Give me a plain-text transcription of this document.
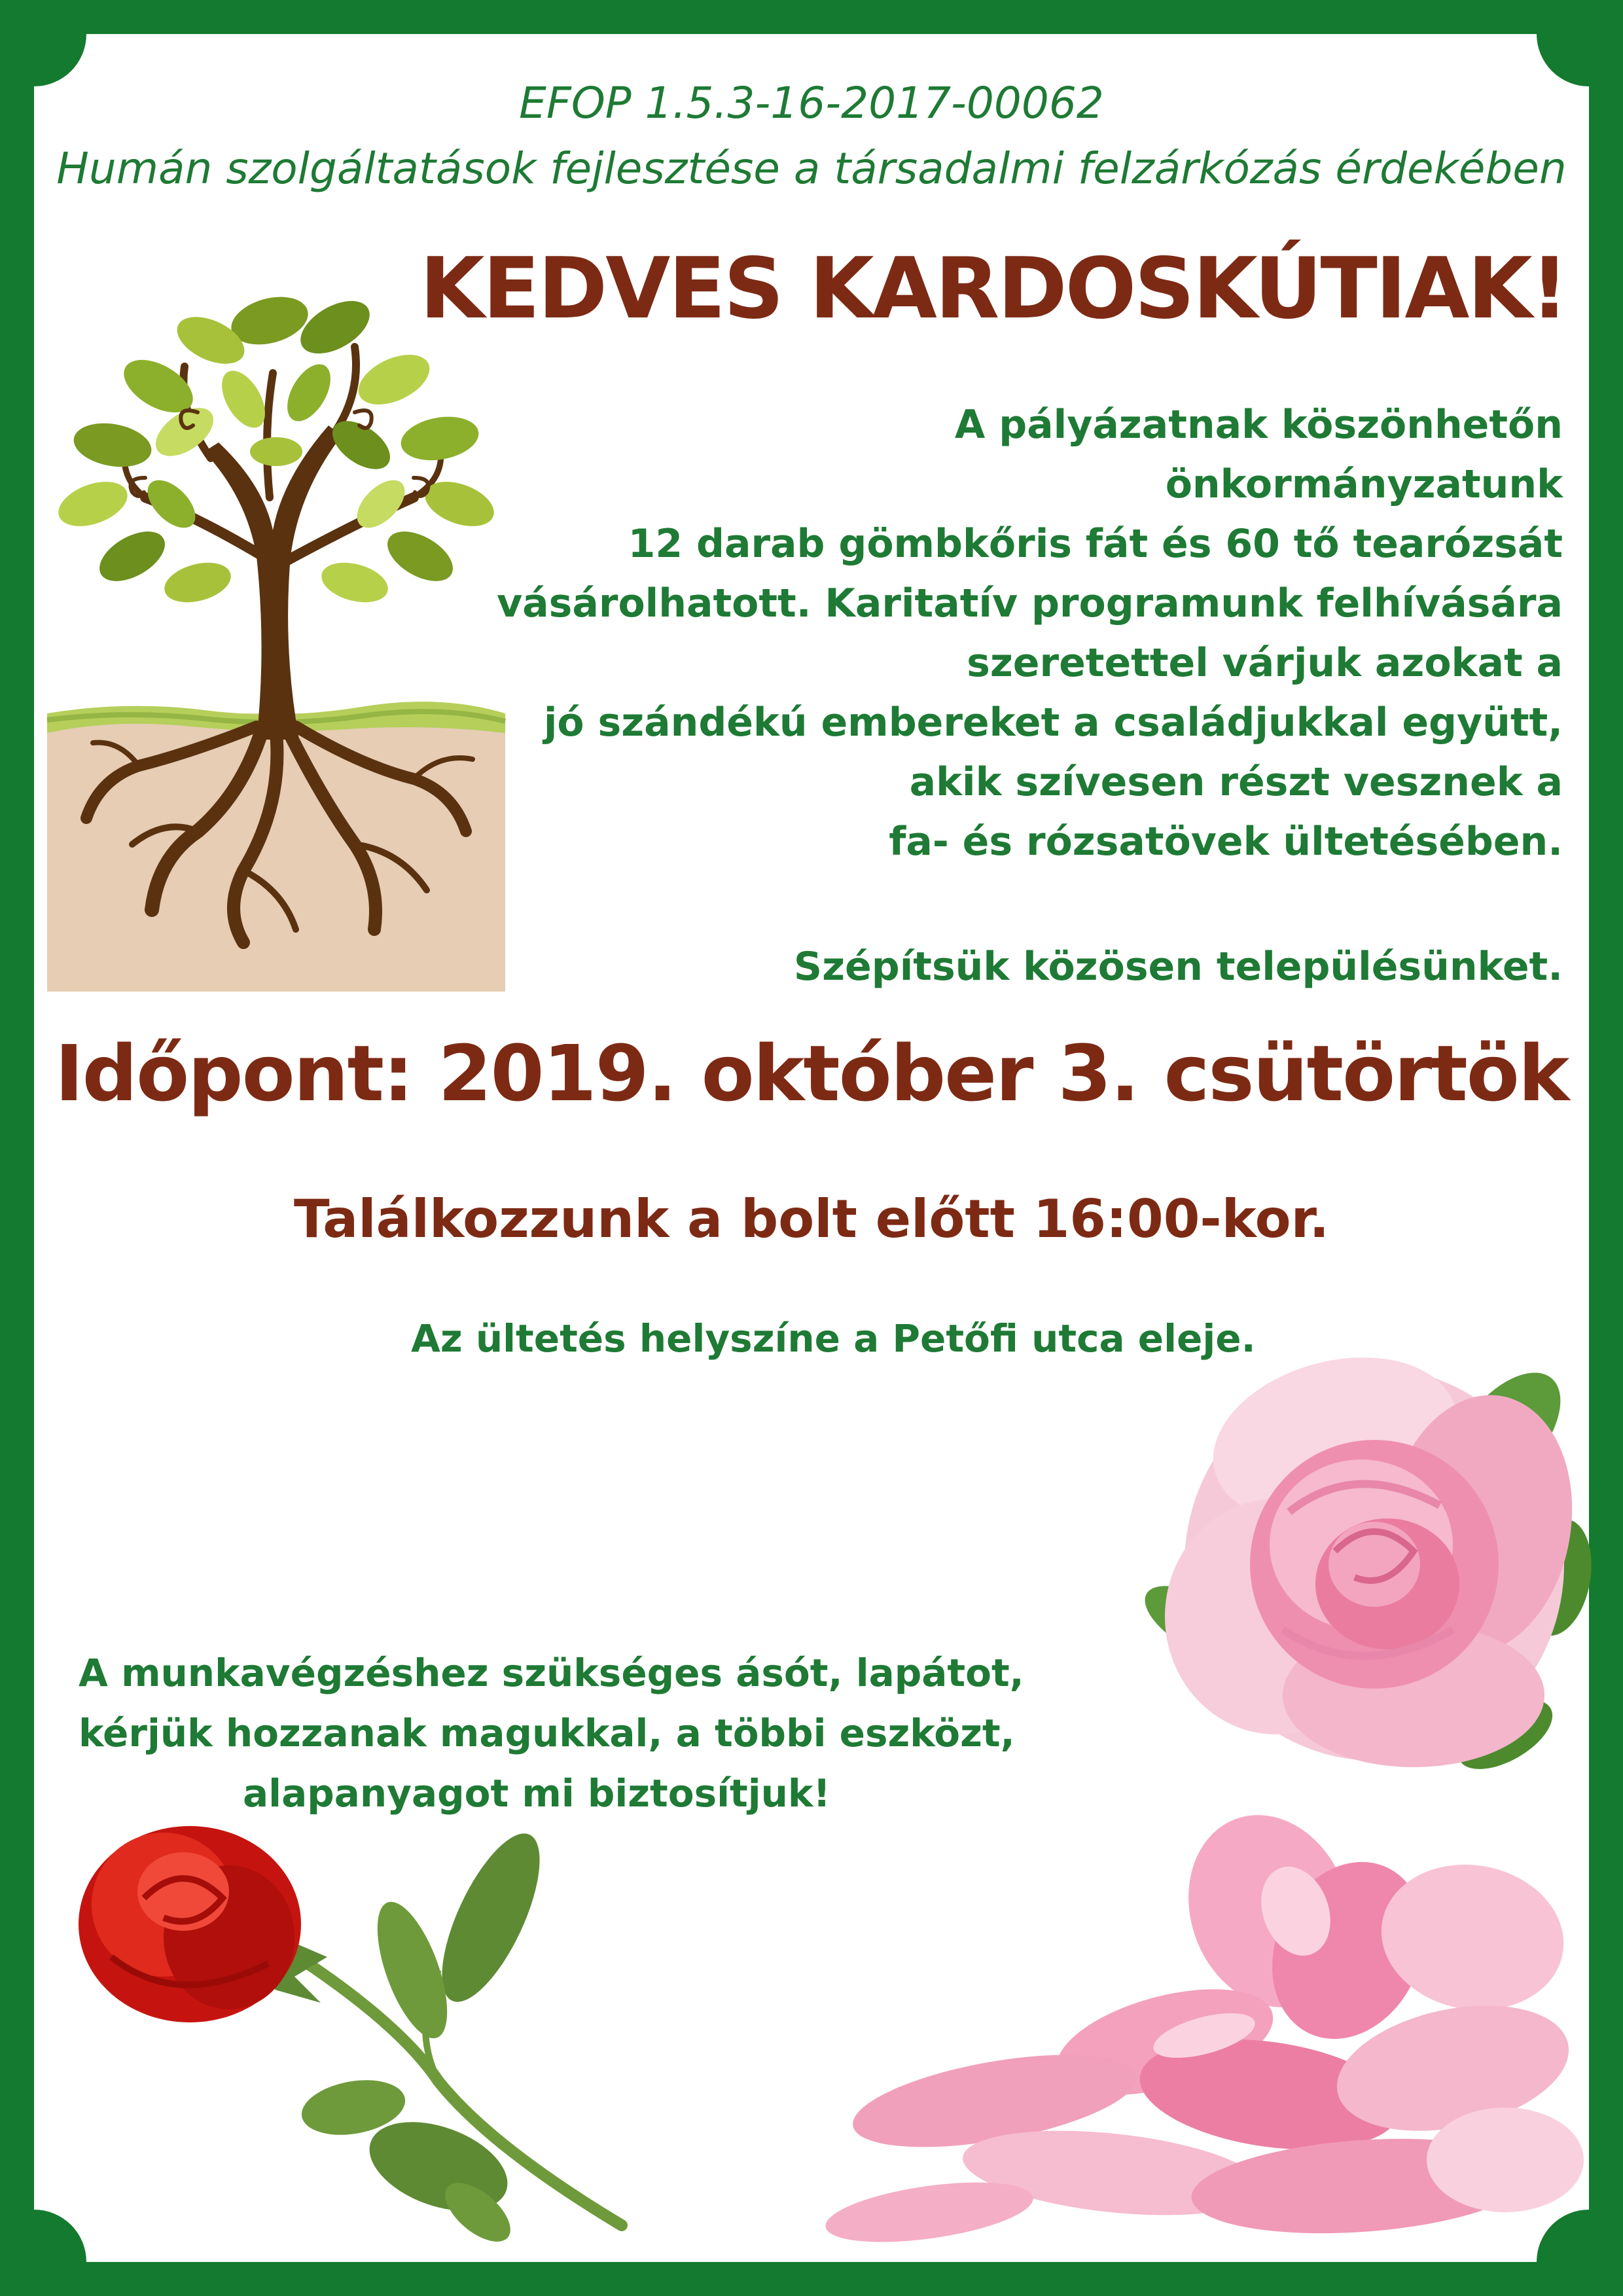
EFOP 1.5.3-16-2017-00062
Humán szolgáltatások fejlesztése a társadalmi felzárkózás érdekében
KEDVES KARDOSKÚTIAK!
A pályázatnak köszönhetőn
önkormányzatunk
12 darab gömbkőris fát és 60 tő tearózsát
vásárolhatott. Karitatív programunk felhívására
szeretettel várjuk azokat a
jó szándékú embereket a családjukkal együtt,
akik szívesen részt vesznek a
fa- és rózsatövek ültetésében.
Szépítsük közösen településünket.
Időpont: 2019. október 3. csütörtök
Találkozzunk a bolt előtt 16:00-kor.
Az ültetés helyszíne a Petőfi utca eleje.
A munkavégzéshez szükséges ásót, lapátot,
kérjük hozzanak magukkal, a többi eszközt,
alapanyagot mi biztosítjuk!
